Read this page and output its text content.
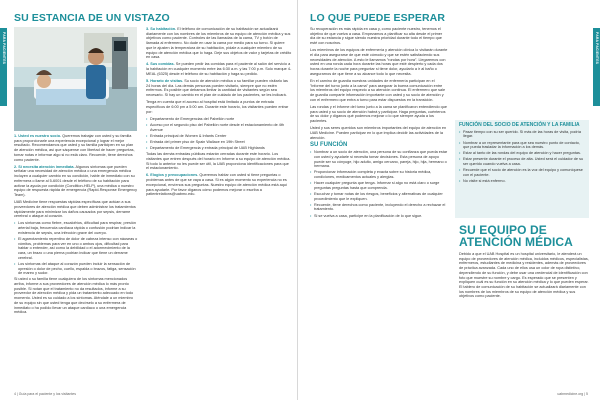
PARA PACIENTES
SU ESTANCIA DE UN VISTAZO

1. Usted es nuestro socio. Queremos trabajar con usted y su familia para proporcionarle una experiencia excepcional y lograr el mejor resultado. Recomendamos que usted y su familia participen en su plan de atención médica, así que sáquense con libertad de hacer preguntas, tomar notas e informar algo si no está claro. Recuerde, tiene derechos como paciente.

2. Si necesita atención inmediata. Algunos síntomas que pueden señalar una necesidad de atención médica o una emergencia médica incluyen a cualquier cambio en su condición, hable de inmediato con su enfermera o llame al 5-6001 desde el teléfono de su habitación para activar la ayuda por condición (Condition-HELP), una médica o nuestro equipo de respuesta rápida de emergencia (Rapid-Response Emergency Team).

UAB Medicine tiene respuestas rápidas específicas que actúan a sus proveedores de atención médica que deben administrar los tratamientos rápidamente para minimizar los daños causados por sepsis, derrame cerebral o ataque al corazón.

• Los síntomas como fiebre, escalofríos, dificultad para respirar, presión arterial baja, frecuencia cardíaca rápida o confusión podrían indicar la existencia de sepsis, una infección grave del cuerpo.
• El agarrotamiento repentino de dolor de cabeza intenso con náuseas o vómitos, problemas para ver en uno o ambos ojos, dificultad para hablar o entender, así como la debilidad o el adormecimiento de la cara, un brazo o una pierna podrían indicar que tiene un derrame cerebral.
• Los síntomas del ataque al corazón pueden incluir la sensación de opresión o dolor de pecho, cuello, espalda o brazos, fatiga, sensación de mareo y sudor.

Si usted o su familia tiene cualquiera de los síntomas mencionados arriba, informe a sus proveedores de atención médica lo más pronto posible. Si notan que el tratamiento no da resultados, informe a su proveedor de atención médica y pida un tratamiento adecuado en todo momento. Usted es su cuidado a los síntomas. Aténdale a un miembro de su equipo sin que usted tenga que decírselo a su enfermera de inmediato o ha podido llevar un ataque cardiaco o una emergencia médica.

3. Su habitación. El teléfono de comunicación de su habitación se actualizará diariamente con los nombres de los miembros de su equipo de atención médica y sus objetivos como paciente. Controles de las llamadas de la cama, TV y botón de llamada al enfermero. No dude en usar la cama por medio para su turno. Si quiere que le ajusten la temperatura de su habitación, pídale a cualquier miembro de su equipo de atención médica que lo haga. Deje sus objetos de valor y tarjetas de crédito en casa.

4. Sus comidas. Se pueden pedir las comidas para el paciente al salón del servicio a la habitación en cualquier momento entre las 6:30 a.m. y las 7:00 p.m. Solo marque 4-MEAL (6325) desde el teléfono de su habitación y haga su pedido.

5. Horario de visitas. Su socio de atención médica o su familiar pueden visitarlo las 24 horas del día. Las demás personas pueden visitarlo, siempre que no estén enfermos. Es posible que debamos limitar la cantidad de visitantes según sea necesario. Si hay un cambio en el plan de cuidado de los pacientes, se les indicará.

Tenga en cuenta que el acceso al hospital está limitado a puntos de entrada específicos de 6:00 pm a 5:00 am. Durante este horario, los visitantes pueden entrar por:

• Departamento de Emergencias del Pabellón norte
• Acceso por el segundo piso del Pabellón norte desde el estacionamiento de 4th Avenue
• Entrada principal de Women & Infants Center
• Entrada del primer piso de Spain Wallace en 19th Street
• Departamento de Emergencia y entrada principal de UAB Highlands

Todas las demás entradas públicas estarán cerradas durante este horario. Los visitantes que entren después del horario en Informe a su equipo de atención médica. Si todo lo anterior no les puede ser útil, la UAB proporciona identificaciones para que el estacionamiento.

6. Elogios y preocupaciones. Queremos hablar con usted si tiene preguntas o problemas antes de que se vaya a casa. Si es algún momento su experiencia no es excepcional, envíenos sus preguntas. Nuestro equipo de atención médica está aquí para ayudarle. Por favor díganos cómo podemos mejorar o escriba a patientrelations@uabmc.edu.

4 | Guía para el paciente y los visitantes
PARA PACIENTES
LO QUE PUEDE ESPERAR

Su recuperación es más rápida en casa y, como paciente nuestro, tenemos el objetivo de que vuelva a casa. Empezamos a planificar su alta desde el primer día de su estancia y sigue siendo nuestra prioridad durante todo el tiempo que esté con nosotros.

Los miembros de los equipos de enfermería y atención clínica lo visitarán durante el día para asegurarse de que esté cómodo y que se estén satisfaciendo sus necesidades de atención. A esto le llamamos "rondas por hora". Llegaremos con usted en una ronda cada hora durante las horas que esté despierto y cada dos horas durante la noche para preguntar si tiene dolor, ayudarlo a ir al baño o asegurarnos de que tiene a su alcance todo lo que necesita.

En el camino de guardia nuestras unidades de enfermería participan en el "informe del turno junto a la cama" para asegurar la buena comunicación entre los miembros del equipo respecto a su atención continua. El enfermero que sale de guardia comparte información importante con usted y su socio de atención y con el enfermero que entra a turno para estar dispuestos en la transición.

Las rondas y el informe del turno junto a la cama se planificaron entendiendo que para usted y su socio de atención habrá y participar. Haga preguntas, cuéntenos de su dolor y díganos qué podemos mejorar o lo que siempre ayuda a los pacientes.

Usted y sus seres queridos son miembros importantes del equipo de atención en UAB Medicine. Pueden participar en lo que implica decidir las actividades de la atención.

SU FUNCIÓN
• Nombrar a un socio de atención, una persona de su confianza que pueda estar con usted y ayudarle si necesita tomar decisiones. Esta persona de apoyo puede ser su cónyuge, hijo adulto, amigo cercano, pareja, hijo, hija, hermano o hermana.
• Proporcionar información completa y exacta sobre su historia médica, condiciones, medicamentos actuales y alergias.
• Hacer cualquier pregunta que tenga. Informar si algo no está claro o surge preguntas preguntas hasta que comprenda.
• Escuchar y tomar notas de los riesgos, beneficios y alternativas de cualquier procedimiento que le expliquen.
• Recuerde, tiene derechos como paciente, incluyendo el derecho a rechazar el tratamiento.
• Si se vuelva a casa, participe en la planificación de lo que sigue.
FUNCIÓN DEL SOCIO DE ATENCIÓN Y LA FAMILIA
• Pasar tiempo con su ser querido. Si más de las horas de visita, podría llegar.
• Nombrar a un representante para que sea nuestro punto de contacto, que pueda trasladar la información a los demás.
• Estar al tanto de las rondas del equipo de atención y hacer preguntas.
• Estar presente durante el proceso de alta. Usted será el cuidador de su ser querido cuando vuelva a casa.
• Recuerde que el socio de atención es la voz del equipo y comuníquese con el paciente.
• No visite si está enfermo.
SU EQUIPO DE ATENCIÓN MÉDICA

Debido a que el UAB Hospital es un hospital universitario, le atenderá un equipo de proveedores de atención médica, incluidos médicos, especialistas, enfermeros, estudiantes de medicina y residentes, además de proveedores de práctica avanzada. Cada uno de ellos usa un color de ropa distintivo, dependiendo de su función, y debe usar una credencial de identificación con foto que muestre su nombre y cargo. Es esperado que se presenten y expliquen cuál es su función en su atención médica y lo que pueden esperar. El tablero de comunicación de su habitación se actualizará diariamente con los nombres de los miembros de su equipo de atención médica y sus objetivos como paciente.

uabmedicine.org | 5
